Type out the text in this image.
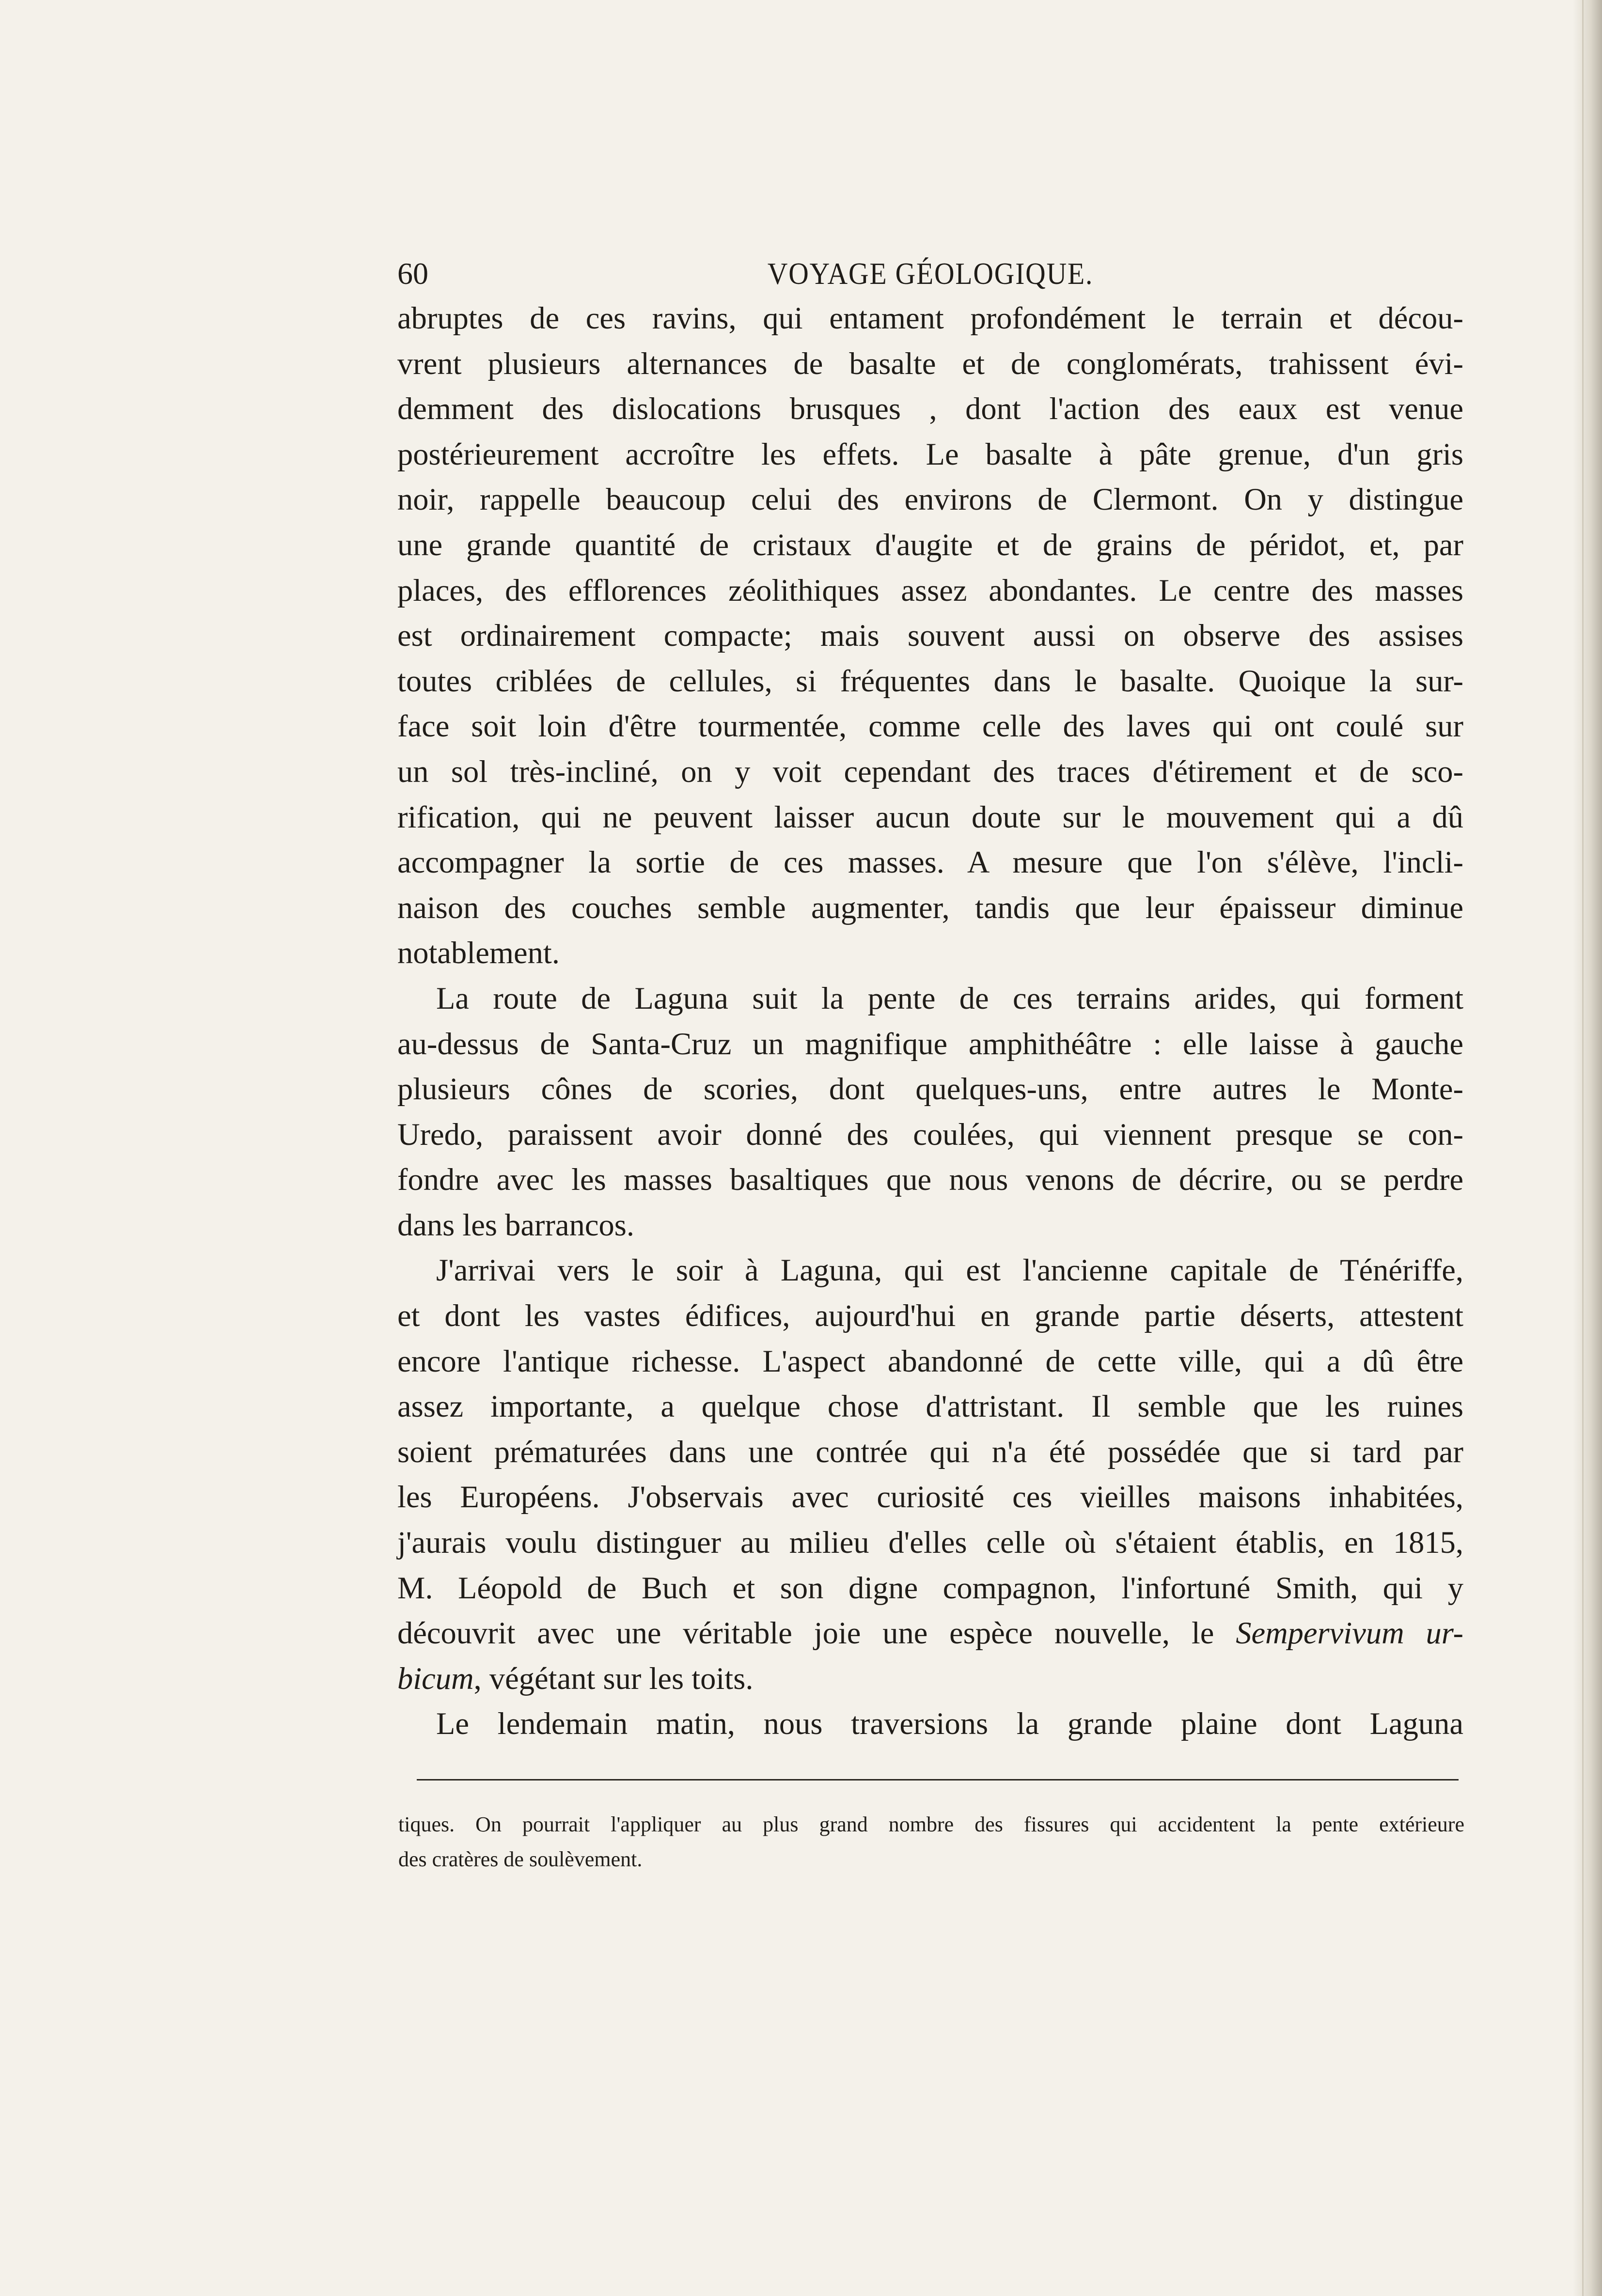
60	VOYAGE GÉOLOGIQUE.
abruptes de ces ravins, qui entament profondément le terrain et décou-
vrent plusieurs alternances de basalte et de conglomérats, trahissent évi-
demment des dislocations brusques , dont l'action des eaux est venue
postérieurement accroître les effets. Le basalte à pâte grenue, d'un gris
noir, rappelle beaucoup celui des environs de Clermont. On y distingue
une grande quantité de cristaux d'augite et de grains de péridot, et, par
places, des efflorences zéolithiques assez abondantes. Le centre des masses
est ordinairement compacte; mais souvent aussi on observe des assises
toutes criblées de cellules, si fréquentes dans le basalte. Quoique la sur-
face soit loin d'être tourmentée, comme celle des laves qui ont coulé sur
un sol très-incliné, on y voit cependant des traces d'étirement et de sco-
rification, qui ne peuvent laisser aucun doute sur le mouvement qui a dû
accompagner la sortie de ces masses. A mesure que l'on s'élève, l'incli-
naison des couches semble augmenter, tandis que leur épaisseur diminue
notablement.
La route de Laguna suit la pente de ces terrains arides, qui forment
au-dessus de Santa-Cruz un magnifique amphithéâtre : elle laisse à gauche
plusieurs cônes de scories, dont quelques-uns, entre autres le Monte-
Uredo, paraissent avoir donné des coulées, qui viennent presque se con-
fondre avec les masses basaltiques que nous venons de décrire, ou se perdre
dans les barrancos.
J'arrivai vers le soir à Laguna, qui est l'ancienne capitale de Ténériffe,
et dont les vastes édifices, aujourd'hui en grande partie déserts, attestent
encore l'antique richesse. L'aspect abandonné de cette ville, qui a dû être
assez importante, a quelque chose d'attristant. Il semble que les ruines
soient prématurées dans une contrée qui n'a été possédée que si tard par
les Européens. J'observais avec curiosité ces vieilles maisons inhabitées,
j'aurais voulu distinguer au milieu d'elles celle où s'étaient établis, en 1815,
M. Léopold de Buch et son digne compagnon, l'infortuné Smith, qui y
découvrit avec une véritable joie une espèce nouvelle, le Sempervivum ur-
bicum, végétant sur les toits.
Le lendemain matin, nous traversions la grande plaine dont Laguna
tiques. On pourrait l'appliquer au plus grand nombre des fissures qui accidentent la pente extérieure
des cratères de soulèvement.
